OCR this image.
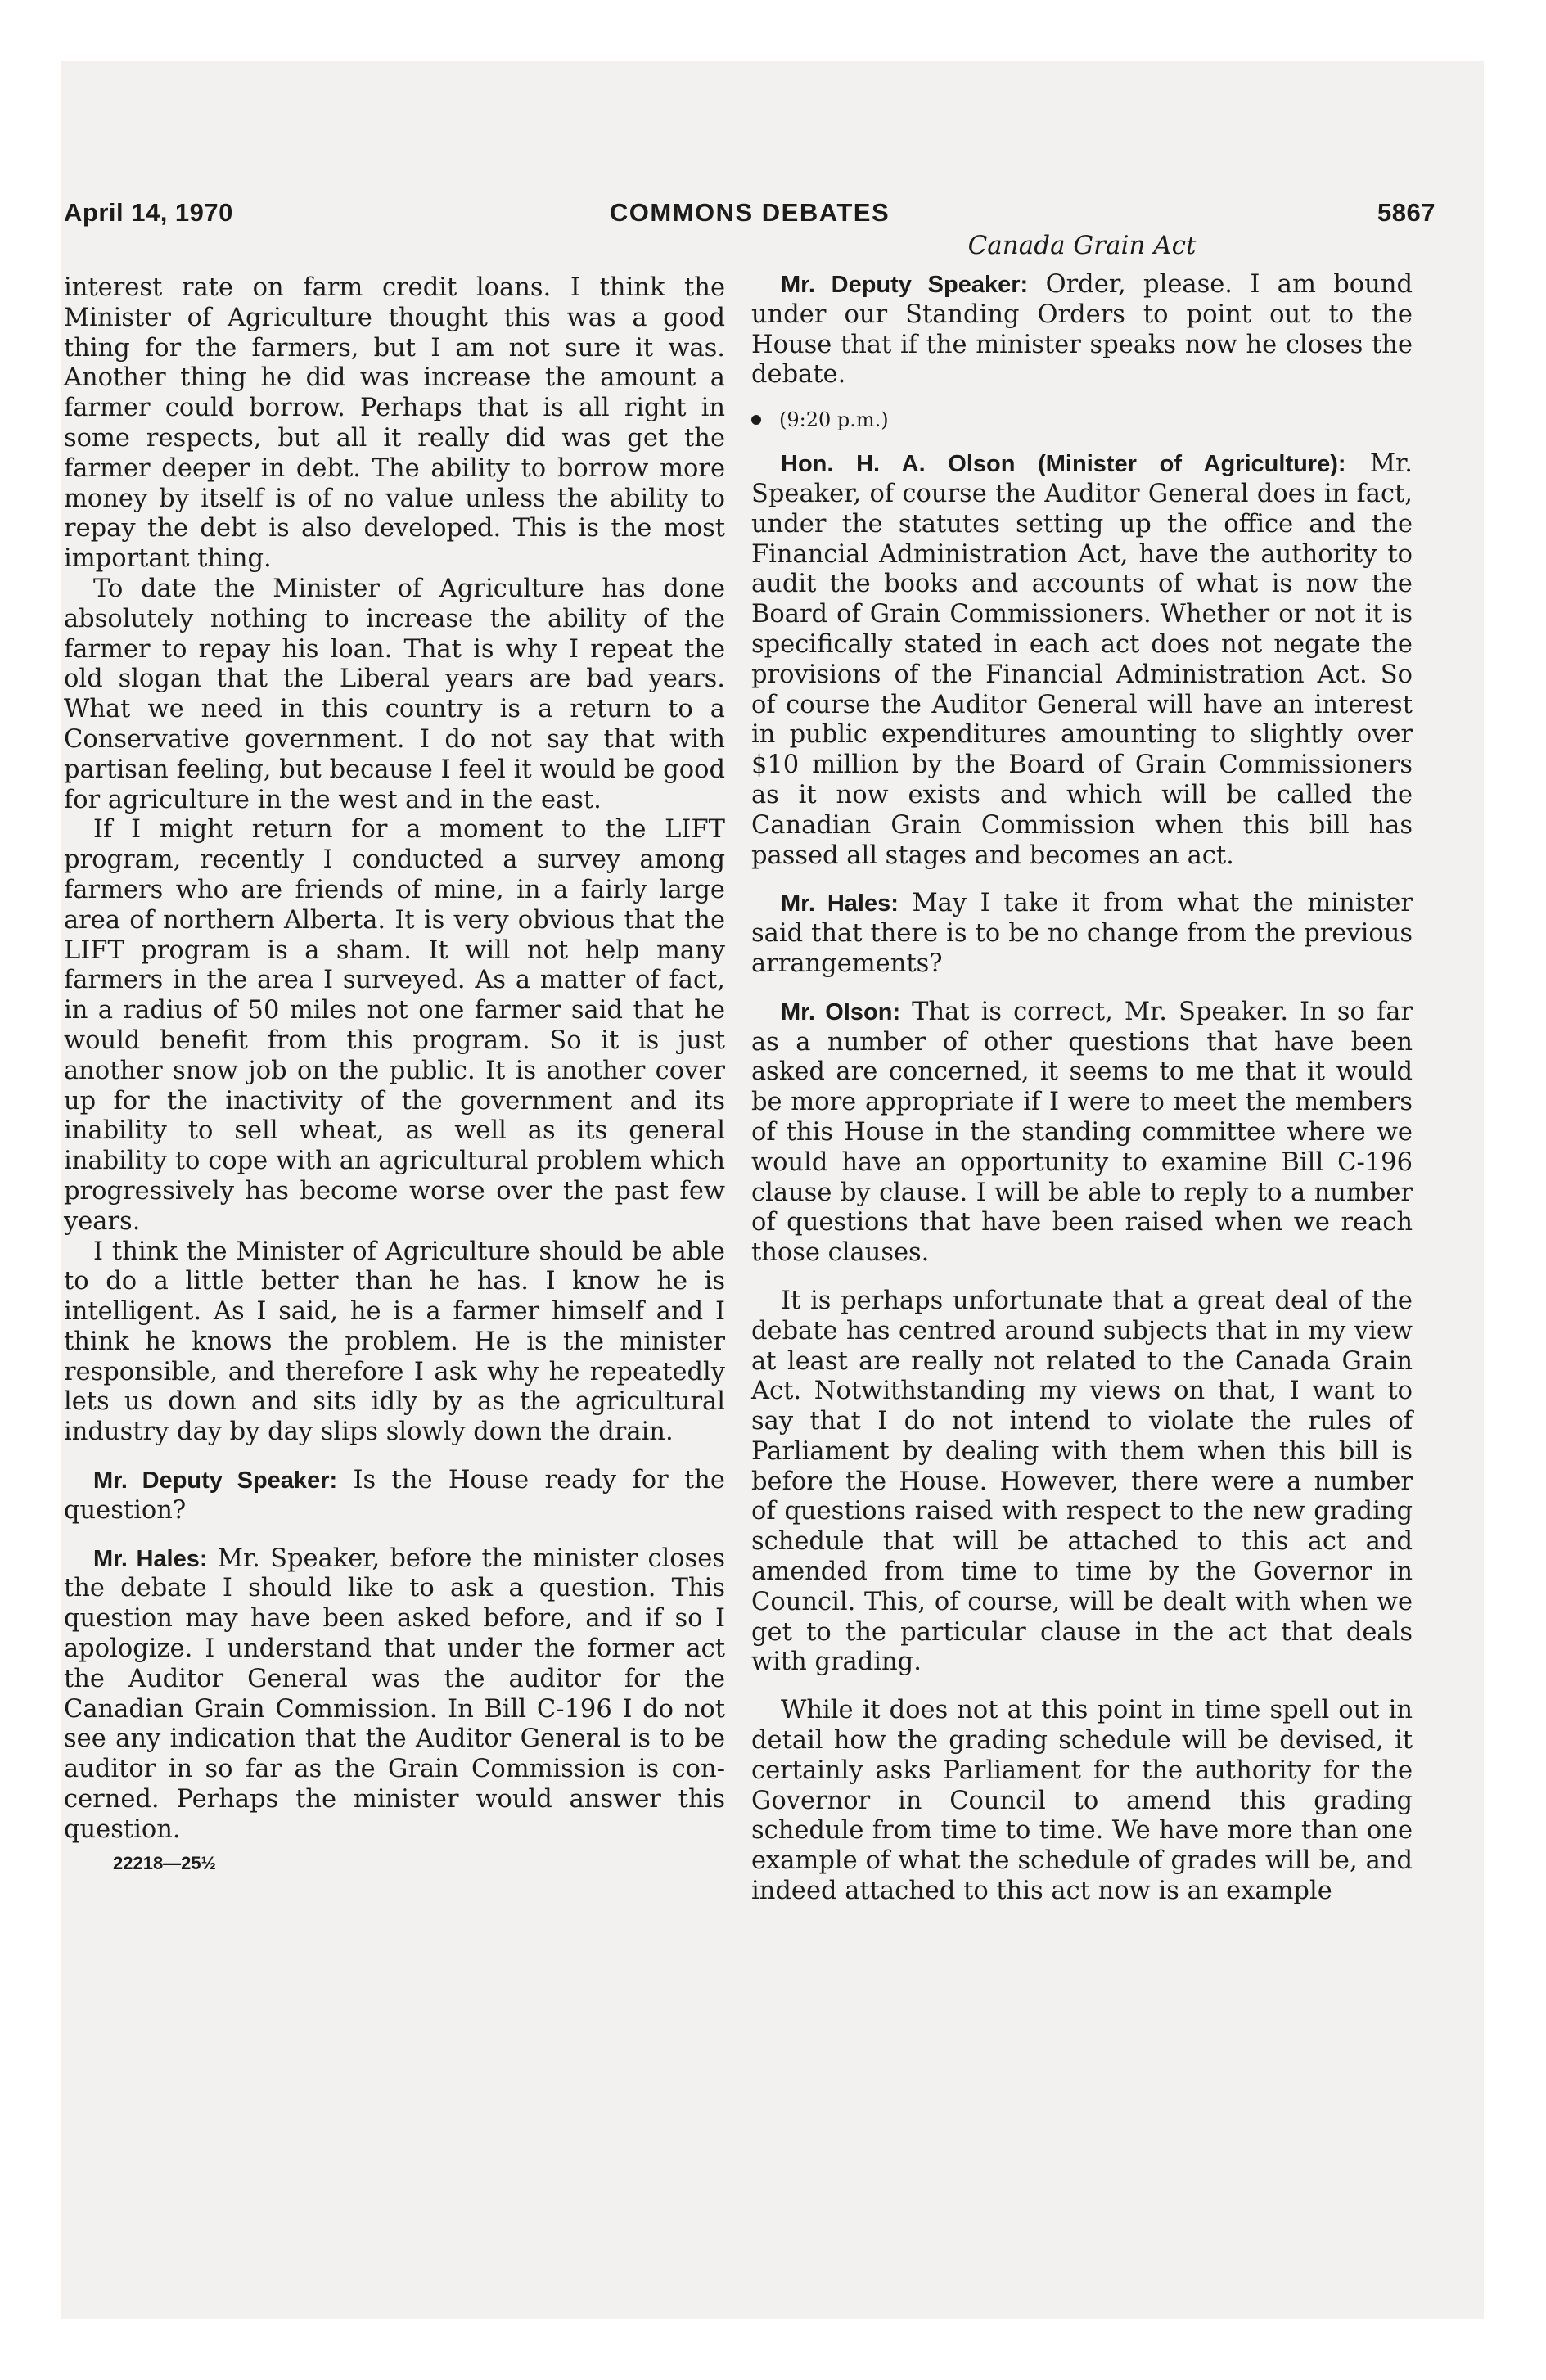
April 14, 1970	COMMONS DEBATES	5867

interest rate on farm credit loans. I think the Minister of Agriculture thought this was a good thing for the farmers, but I am not sure it was. Another thing he did was increase the amount a farmer could borrow. Perhaps that is all right in some respects, but all it really did was get the farmer deeper in debt. The ability to borrow more money by itself is of no value unless the ability to repay the debt is also developed. This is the most important thing.

To date the Minister of Agriculture has done absolutely nothing to increase the ability of the farmer to repay his loan. That is why I repeat the old slogan that the Liberal years are bad years. What we need in this country is a return to a Conservative government. I do not say that with partisan feeling, but because I feel it would be good for agriculture in the west and in the east.

If I might return for a moment to the LIFT program, recently I conducted a survey among farmers who are friends of mine, in a fairly large area of northern Alberta. It is very obvious that the LIFT program is a sham. It will not help many farmers in the area I surveyed. As a matter of fact, in a radius of 50 miles not one farmer said that he would benefit from this program. So it is just another snow job on the public. It is another cover up for the inactivity of the government and its inability to sell wheat, as well as its general inability to cope with an agricultural problem which progressively has become worse over the past few years.

I think the Minister of Agriculture should be able to do a little better than he has. I know he is intelligent. As I said, he is a farmer himself and I think he knows the problem. He is the minister responsible, and therefore I ask why he repeatedly lets us down and sits idly by as the agricultural industry day by day slips slowly down the drain.

Mr. Deputy Speaker: Is the House ready for the question?

Mr. Hales: Mr. Speaker, before the minister closes the debate I should like to ask a question. This question may have been asked before, and if so I apologize. I understand that under the former act the Auditor General was the auditor for the Canadian Grain Commission. In Bill C-196 I do not see any indication that the Auditor General is to be auditor in so far as the Grain Commission is concerned. Perhaps the minister would answer this question.

22218—25½
Canada Grain Act

Mr. Deputy Speaker: Order, please. I am bound under our Standing Orders to point out to the House that if the minister speaks now he closes the debate.

(9:20 p.m.)

Hon. H. A. Olson (Minister of Agriculture): Mr. Speaker, of course the Auditor General does in fact, under the statutes setting up the office and the Financial Administration Act, have the authority to audit the books and accounts of what is now the Board of Grain Commissioners. Whether or not it is specifically stated in each act does not negate the provisions of the Financial Administration Act. So of course the Auditor General will have an interest in public expenditures amounting to slightly over $10 million by the Board of Grain Commissioners as it now exists and which will be called the Canadian Grain Commission when this bill has passed all stages and becomes an act.

Mr. Hales: May I take it from what the minister said that there is to be no change from the previous arrangements?

Mr. Olson: That is correct, Mr. Speaker. In so far as a number of other questions that have been asked are concerned, it seems to me that it would be more appropriate if I were to meet the members of this House in the standing committee where we would have an opportunity to examine Bill C-196 clause by clause. I will be able to reply to a number of questions that have been raised when we reach those clauses.

It is perhaps unfortunate that a great deal of the debate has centred around subjects that in my view at least are really not related to the Canada Grain Act. Notwithstanding my views on that, I want to say that I do not intend to violate the rules of Parliament by dealing with them when this bill is before the House. However, there were a number of questions raised with respect to the new grading schedule that will be attached to this act and amended from time to time by the Governor in Council. This, of course, will be dealt with when we get to the particular clause in the act that deals with grading.

While it does not at this point in time spell out in detail how the grading schedule will be devised, it certainly asks Parliament for the authority for the Governor in Council to amend this grading schedule from time to time. We have more than one example of what the schedule of grades will be, and indeed attached to this act now is an example
